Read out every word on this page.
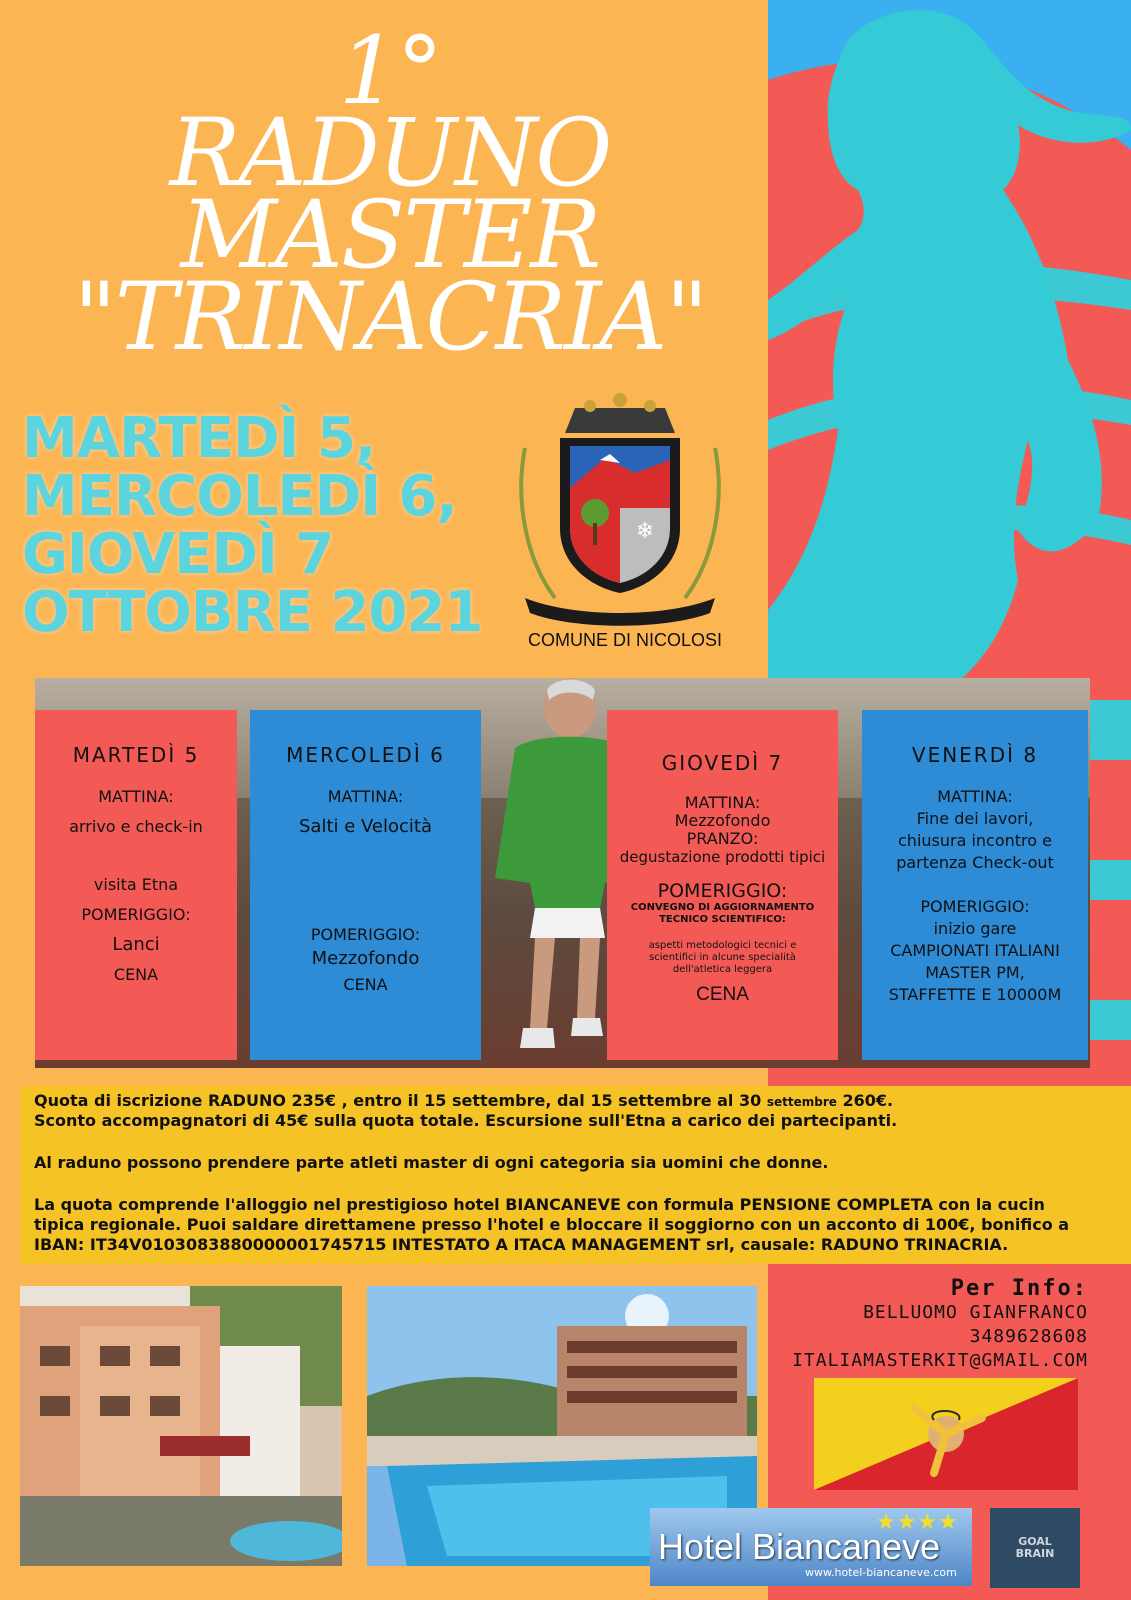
1°
RADUNO
MASTER
"TRINACRIA"
MARTEDÌ 5,
MERCOLEDÌ 6,
GIOVEDÌ 7
OTTOBRE 2021
❄
COMUNE DI NICOLOSI
MARTEDÌ 5
MATTINA:
arrivo e check-in
visita Etna
POMERIGGIO:
Lanci
CENA
MERCOLEDÌ 6
MATTINA:
Salti e Velocità
POMERIGGIO:
Mezzofondo
CENA
GIOVEDÌ 7
MATTINA:
Mezzofondo
PRANZO:
degustazione prodotti tipici
POMERIGGIO:
CONVEGNO DI AGGIORNAMENTO
TECNICO SCIENTIFICO:
aspetti metodologici tecnici e
scientifici in alcune specialità
dell'atletica leggera
CENA
VENERDÌ 8
MATTINA:
Fine dei lavori,
chiusura incontro e
partenza Check-out
POMERIGGIO:
inizio gare
CAMPIONATI ITALIANI
MASTER PM,
STAFFETTE E 10000M
Quota di iscrizione RADUNO 235€ , entro il 15 settembre, dal 15 settembre al 30 settembre 260€.
Sconto accompagnatori di 45€ sulla quota totale. Escursione sull'Etna a carico dei partecipanti.
Al raduno possono prendere parte atleti master di ogni categoria sia uomini che donne.
La quota comprende l'alloggio nel prestigioso hotel BIANCANEVE con formula PENSIONE COMPLETA con la cucin
tipica regionale. Puoi saldare direttamene presso l'hotel e bloccare il soggiorno con un acconto di 100€, bonifico a
IBAN: IT34V0103083880000001745715 INTESTATO A ITACA MANAGEMENT srl, causale: RADUNO TRINACRIA.
Per Info:
BELLUOMO GIANFRANCO
3489628608
ITALIAMASTERKIT@GMAIL.COM
★★★★
Hotel Biancaneve
www.hotel-biancaneve.com
GOAL
BRAIN
